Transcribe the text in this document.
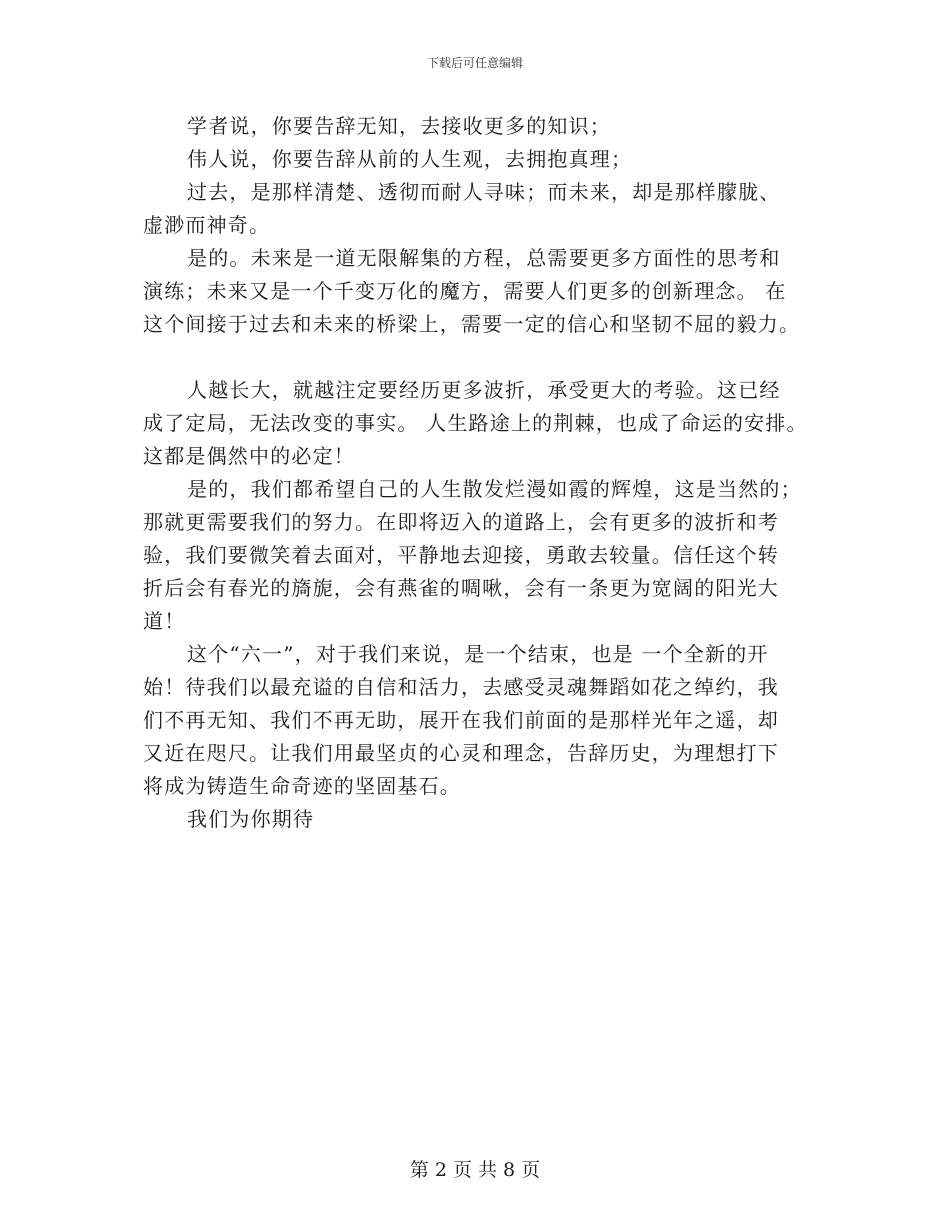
下载后可任意编辑
学者说，你要告辞无知，去接收更多的知识；
伟人说，你要告辞从前的人生观，去拥抱真理；
过去，是那样清楚、透彻而耐人寻味；而未来，却是那样朦胧、
虚渺而神奇。
是的。未来是一道无限解集的方程，总需要更多方面性的思考和
演练；未来又是一个千变万化的魔方，需要人们更多的创新理念。 在
这个间接于过去和未来的桥梁上，需要一定的信心和坚韧不屈的毅力。
人越长大，就越注定要经历更多波折，承受更大的考验。这已经
成了定局，无法改变的事实。 人生路途上的荆棘，也成了命运的安排。
这都是偶然中的必定！
是的，我们都希望自己的人生散发烂漫如霞的辉煌，这是当然的；
那就更需要我们的努力。在即将迈入的道路上，会有更多的波折和考
验，我们要微笑着去面对，平静地去迎接，勇敢去较量。信任这个转
折后会有春光的旖旎，会有燕雀的啁啾，会有一条更为宽阔的阳光大
道！
这个“六一”，对于我们来说，是一个结束，也是 一个全新的开
始！待我们以最充谥的自信和活力，去感受灵魂舞蹈如花之绰约，我
们不再无知、我们不再无助，展开在我们前面的是那样光年之遥，却
又近在咫尺。让我们用最坚贞的心灵和理念，告辞历史，为理想打下
将成为铸造生命奇迹的坚固基石。
我们为你期待
第 2 页 共 8 页
